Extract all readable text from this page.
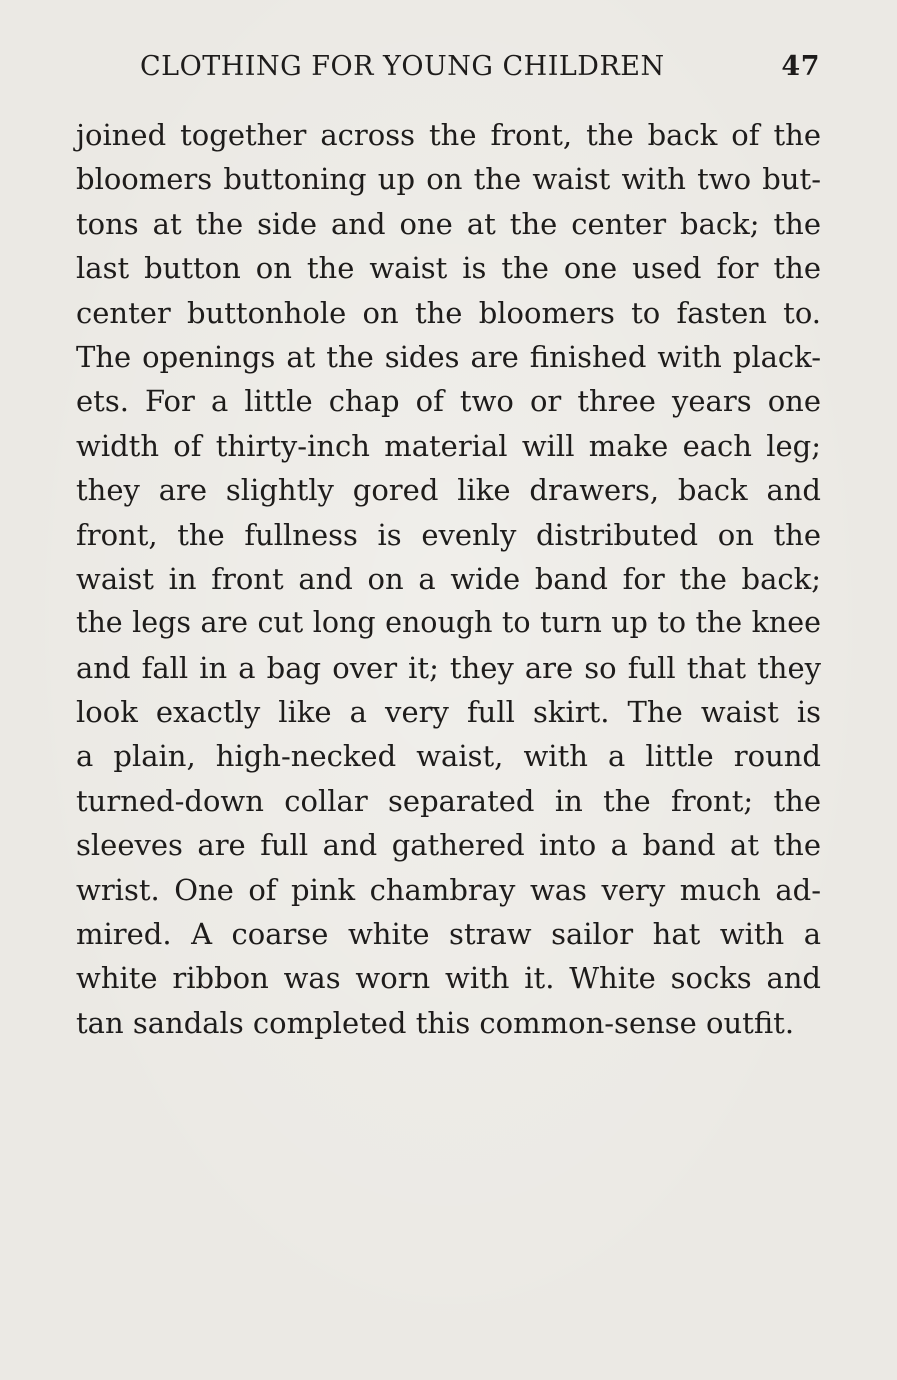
CLOTHING FOR YOUNG CHILDREN	47

joined together across the front, the back of the
bloomers buttoning up on the waist with two but-
tons at the side and one at the center back; the
last button on the waist is the one used for the
center buttonhole on the bloomers to fasten to.
The openings at the sides are finished with plack-
ets. For a little chap of two or three years one
width of thirty-inch material will make each leg;
they are slightly gored like drawers, back and
front, the fullness is evenly distributed on the
waist in front and on a wide band for the back;
the legs are cut long enough to turn up to the knee
and fall in a bag over it; they are so full that they
look exactly like a very full skirt. The waist is
a plain, high-necked waist, with a little round
turned-down collar separated in the front; the
sleeves are full and gathered into a band at the
wrist. One of pink chambray was very much ad-
mired. A coarse white straw sailor hat with a
white ribbon was worn with it. White socks and
tan sandals completed this common-sense outfit.
